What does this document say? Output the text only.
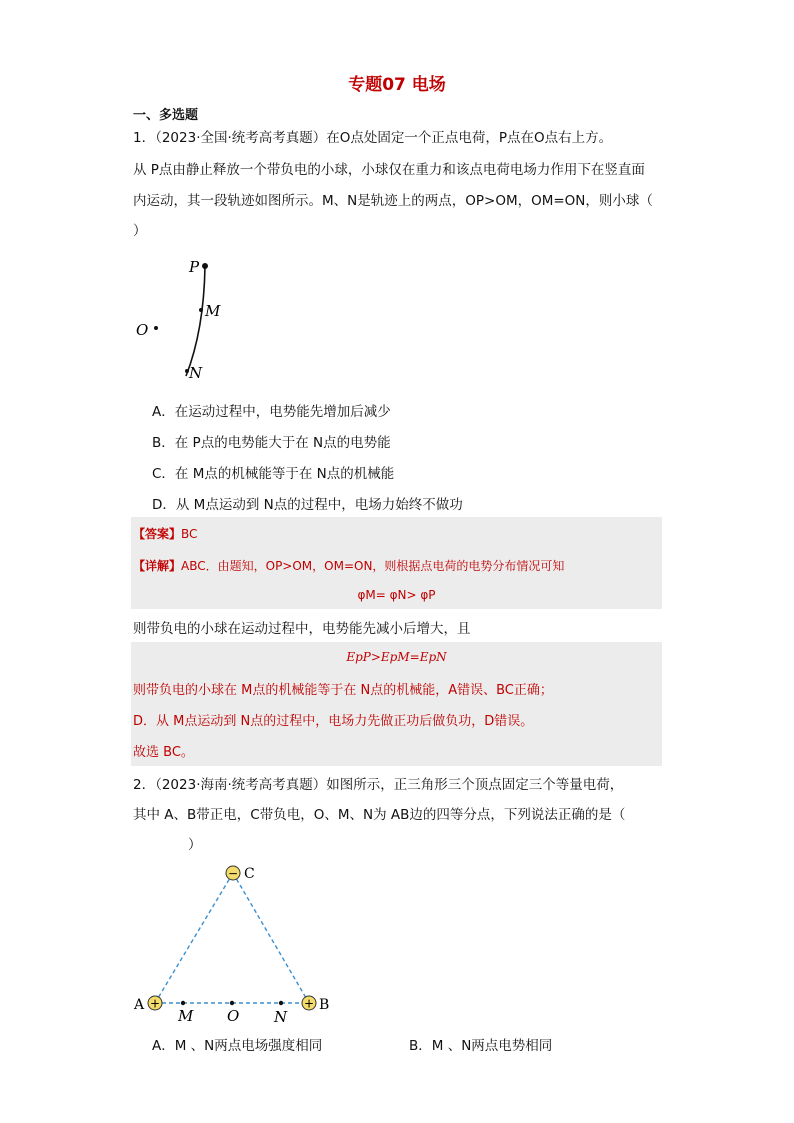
专题07 电场
一、多选题
1．（2023·全国·统考高考真题）在O点处固定一个正点电荷，P点在O点右上方。
从 P点由静止释放一个带负电的小球，小球仅在重力和该点电荷电场力作用下在竖直面
内运动，其一段轨迹如图所示。M、N是轨迹上的两点，OP>OM，OM=ON，则小球（
）
P
M
O
N
A．在运动过程中，电势能先增加后减少
B．在 P点的电势能大于在 N点的电势能
C．在 M点的机械能等于在 N点的机械能
D．从 M点运动到 N点的过程中，电场力始终不做功
【答案】BC
【详解】ABC．由题知，OP>OM，OM=ON，则根据点电荷的电势分布情况可知
φM= φN> φP
则带负电的小球在运动过程中，电势能先减小后增大，且
EpP>EpM=EpN
则带负电的小球在 M点的机械能等于在 N点的机械能，A错误、BC正确；
D．从 M点运动到 N点的过程中，电场力先做正功后做负功，D错误。
故选 BC。
2．（2023·海南·统考高考真题）如图所示，正三角形三个顶点固定三个等量电荷，
其中 A、B带正电，C带负电，O、M、N为 AB边的四等分点，下列说法正确的是（
）
−
+	+
C
A	B
M O N
A．M 、N两点电场强度相同	B．M 、N两点电势相同
